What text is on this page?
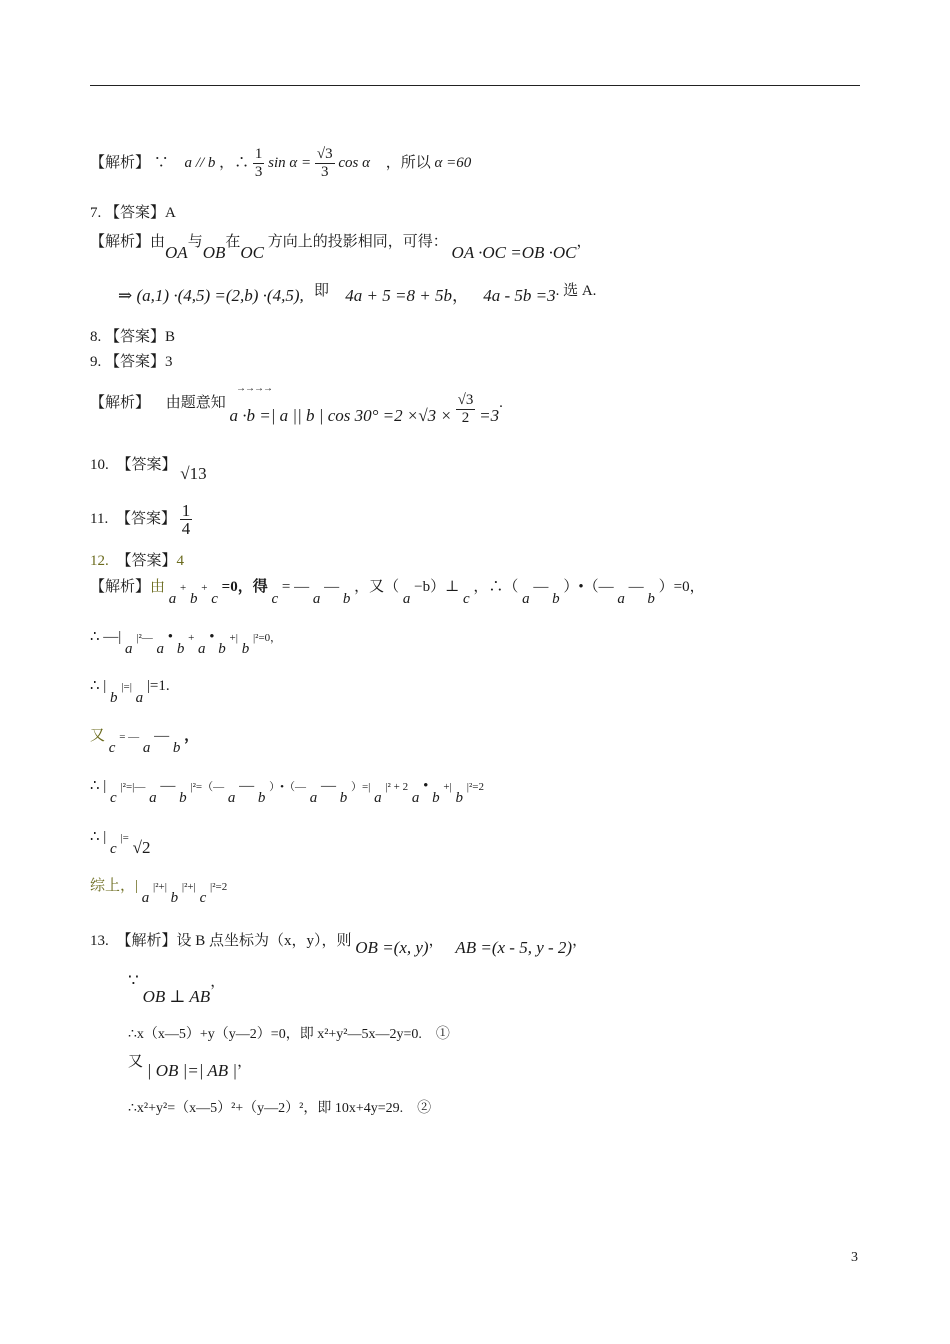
【解析】 ∵ a // b ，∴ $\frac{1}{3}$ $\sin \alpha = \frac{√3}{3}$ cos α ，所以 α =60
7. 【答案】A
【解析】由OA与OB在OC 方向上的投影相同，可得： OA ·OC =OB ·OC，
⇒ (a,1) ·(4,5) =(2,b) ·(4,5), 即 4a + 5 =8 + 5b， 4a - 5b =3. 选 A.
8. 【答案】B
9. 【答案】3
【解析】 由题意知
→→→→
a ·b =| a || b | $\cos 30^\circ =2 \times√3 \times \frac{√3}{2} =3$.
10. 【答案】 √13
11. 【答案】 $\frac{1}{4}$
12. 【答案】4
【解析】由 a + b + c =0，得 c = — a — b ，又（ a −b）⊥ c ，∴（ a — b ）•（— a — b ）=0，
∴ —| a |²— a • b + a • b +| b |²=0，
∴ | b |=| a |=1.
又 c = — a — b ，
∴ | c |²=|— a — b |²=（— a — b ）•（— a — b ）=| a |² + 2 a • b +| b |²=2
∴ | c |= √2
综上，| a |²+| b |²+| c |²=2
13. 【解析】设 B 点坐标为（x，y），则 OB =(x, y)， AB =(x - 5, y - 2)，
∵ OB ⊥ AB，
∴x（x—5）+y（y—2）=0，即 x²+y²—5x—2y=0.　①
又 | OB |=| AB |，
∴x²+y²=（x—5）²+（y—2）²，即 10x+4y=29.　②
3
